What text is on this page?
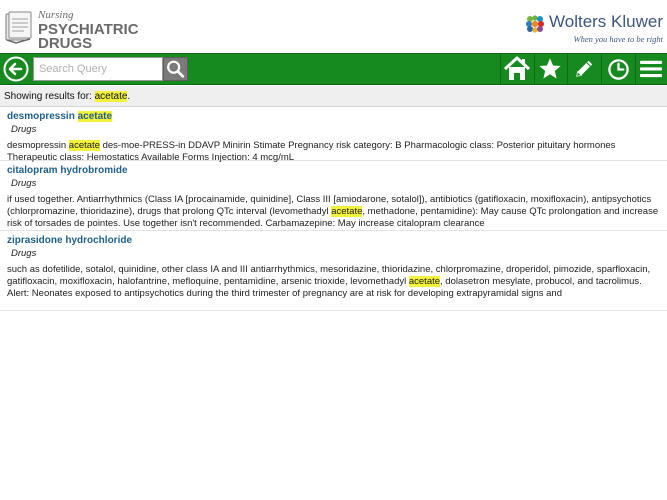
Nursing
PSYCHIATRIC
DRUGS
Wolters Kluwer
When you have to be right
Search Query
Showing results for: acetate.
desmopressin acetate
Drugs
desmopressin acetate des-moe-PRESS-in DDAVP Minirin Stimate Pregnancy risk category: B Pharmacologic class: Posterior pituitary hormones Therapeutic class: Hemostatics Available Forms Injection: 4 mcg/mL
citalopram hydrobromide
Drugs
if used together. Antiarrhythmics (Class IA [procainamide, quinidine], Class III [amiodarone, sotalol]), antibiotics (gatifloxacin, moxifloxacin), antipsychotics (chlorpromazine, thioridazine), drugs that prolong QTc interval (levomethadyl acetate, methadone, pentamidine): May cause QTc prolongation and increase risk of torsades de pointes. Use together isn't recommended. Carbamazepine: May increase citalopram clearance
ziprasidone hydrochloride
Drugs
such as dofetilide, sotalol, quinidine, other class IA and III antiarrhythmics, mesoridazine, thioridazine, chlorpromazine, droperidol, pimozide, sparfloxacin, gatifloxacin, moxifloxacin, halofantrine, mefloquine, pentamidine, arsenic trioxide, levomethadyl acetate, dolasetron mesylate, probucol, and tacrolimus. Alert: Neonates exposed to antipsychotics during the third trimester of pregnancy are at risk for developing extrapyramidal signs and
